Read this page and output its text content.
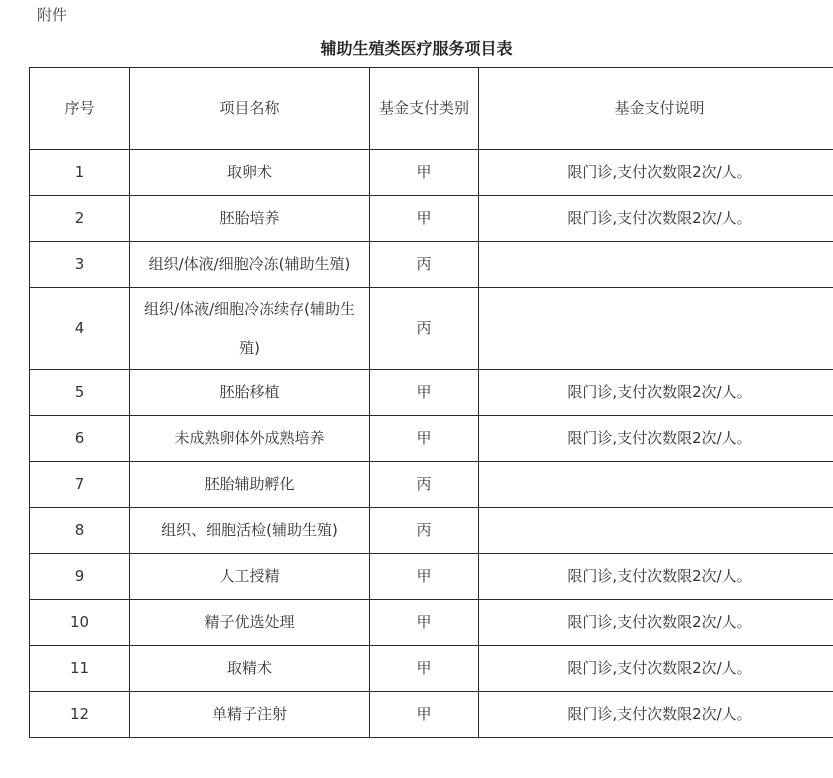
附件
辅助生殖类医疗服务项目表
序号	项目名称	基金支付类别	基金支付说明
1	取卵术	甲	限门诊,支付次数限2次/人。
2	胚胎培养	甲	限门诊,支付次数限2次/人。
3	组织/体液/细胞冷冻(辅助生殖)	丙	
4	组织/体液/细胞冷冻续存(辅助生殖)	丙	
5	胚胎移植	甲	限门诊,支付次数限2次/人。
6	未成熟卵体外成熟培养	甲	限门诊,支付次数限2次/人。
7	胚胎辅助孵化	丙	
8	组织、细胞活检(辅助生殖)	丙	
9	人工授精	甲	限门诊,支付次数限2次/人。
10	精子优选处理	甲	限门诊,支付次数限2次/人。
11	取精术	甲	限门诊,支付次数限2次/人。
12	单精子注射	甲	限门诊,支付次数限2次/人。
